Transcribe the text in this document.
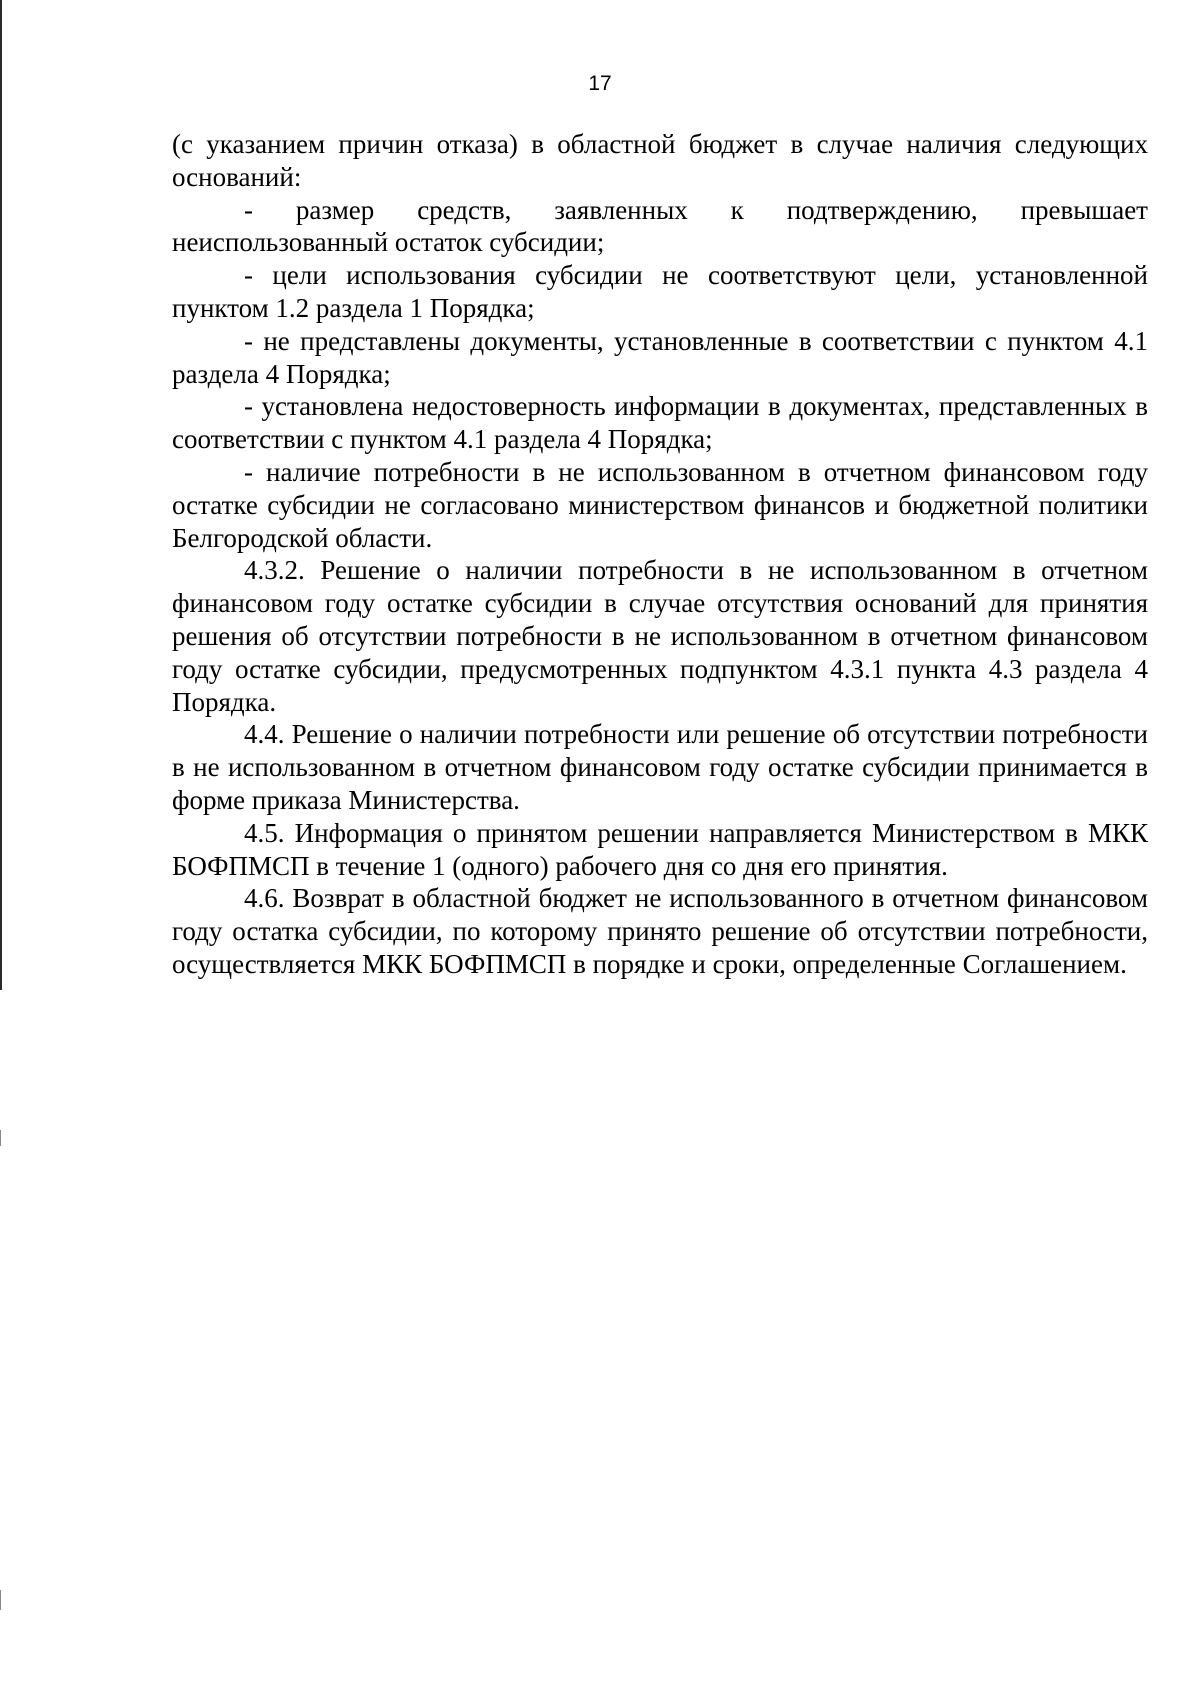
17

(с указанием причин отказа) в областной бюджет в случае наличия следующих оснований:

- размер средств, заявленных к подтверждению, превышает неиспользованный остаток субсидии;

- цели использования субсидии не соответствуют цели, установленной пунктом 1.2 раздела 1 Порядка;

- не представлены документы, установленные в соответствии с пунктом 4.1 раздела 4 Порядка;

- установлена недостоверность информации в документах, представленных в соответствии с пунктом 4.1 раздела 4 Порядка;

- наличие потребности в не использованном в отчетном финансовом году остатке субсидии не согласовано министерством финансов и бюджетной политики Белгородской области.

4.3.2. Решение о наличии потребности в не использованном в отчетном финансовом году остатке субсидии в случае отсутствия оснований для принятия решения об отсутствии потребности в не использованном в отчетном финансовом году остатке субсидии, предусмотренных подпунктом 4.3.1 пункта 4.3 раздела 4 Порядка.

4.4. Решение о наличии потребности или решение об отсутствии потребности в не использованном в отчетном финансовом году остатке субсидии принимается в форме приказа Министерства.

4.5. Информация о принятом решении направляется Министерством в МКК БОФПМСП в течение 1 (одного) рабочего дня со дня его принятия.

4.6. Возврат в областной бюджет не использованного в отчетном финансовом году остатка субсидии, по которому принято решение об отсутствии потребности, осуществляется МКК БОФПМСП в порядке и сроки, определенные Соглашением.
